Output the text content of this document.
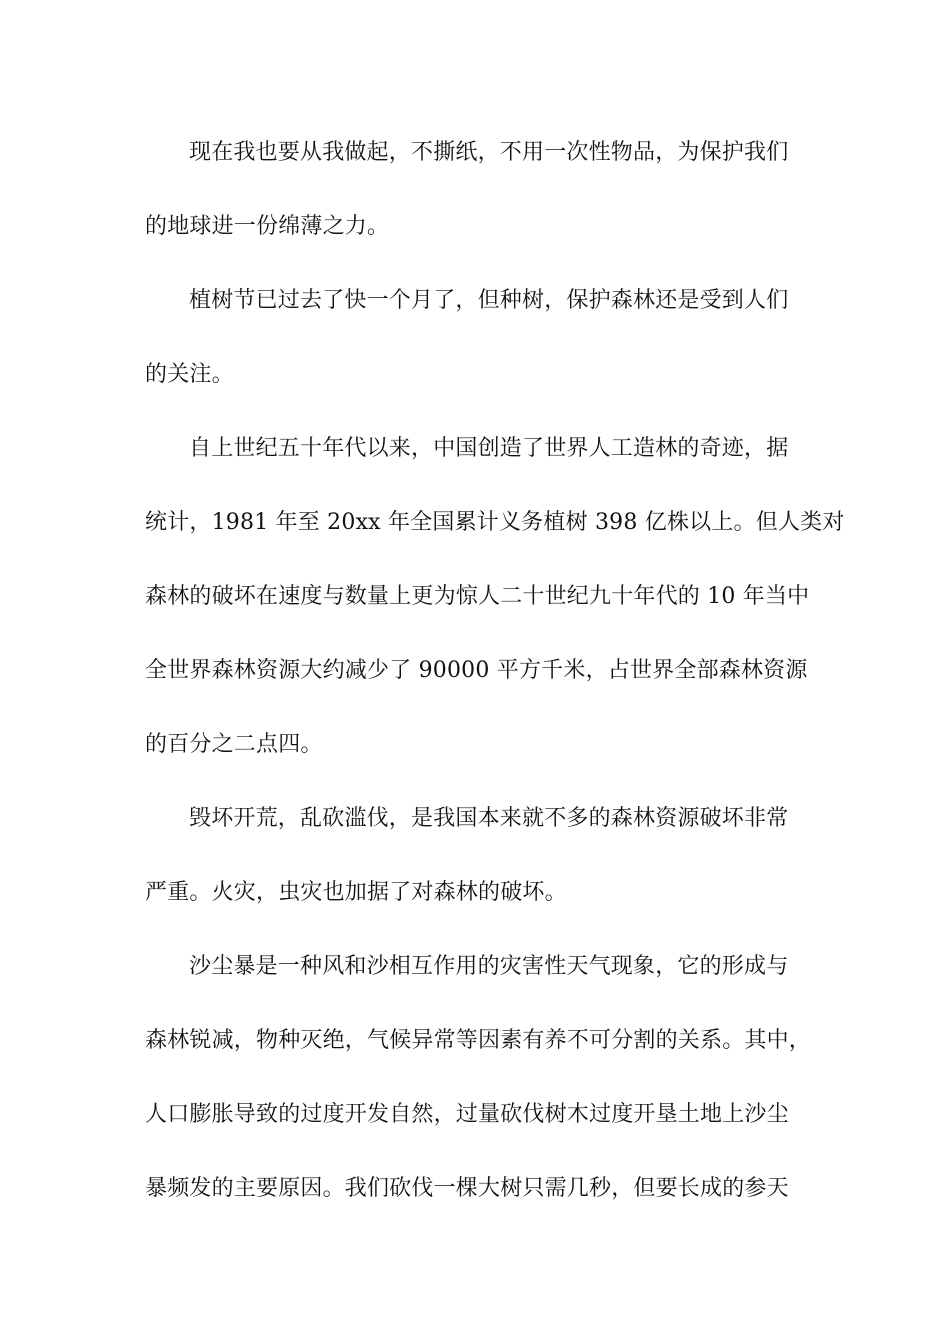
现在我也要从我做起，不撕纸，不用一次性物品，为保护我们
的地球进一份绵薄之力。
植树节已过去了快一个月了，但种树，保护森林还是受到人们
的关注。
自上世纪五十年代以来，中国创造了世界人工造林的奇迹，据
统计，1981 年至 20xx 年全国累计义务植树 398 亿株以上。但人类对
森林的破坏在速度与数量上更为惊人二十世纪九十年代的 10 年当中
全世界森林资源大约减少了 90000 平方千米，占世界全部森林资源
的百分之二点四。
毁坏开荒，乱砍滥伐，是我国本来就不多的森林资源破坏非常
严重。火灾，虫灾也加据了对森林的破坏。
沙尘暴是一种风和沙相互作用的灾害性天气现象，它的形成与
森林锐减，物种灭绝，气候异常等因素有养不可分割的关系。其中，
人口膨胀导致的过度开发自然，过量砍伐树木过度开垦土地上沙尘
暴频发的主要原因。我们砍伐一棵大树只需几秒，但要长成的参天
